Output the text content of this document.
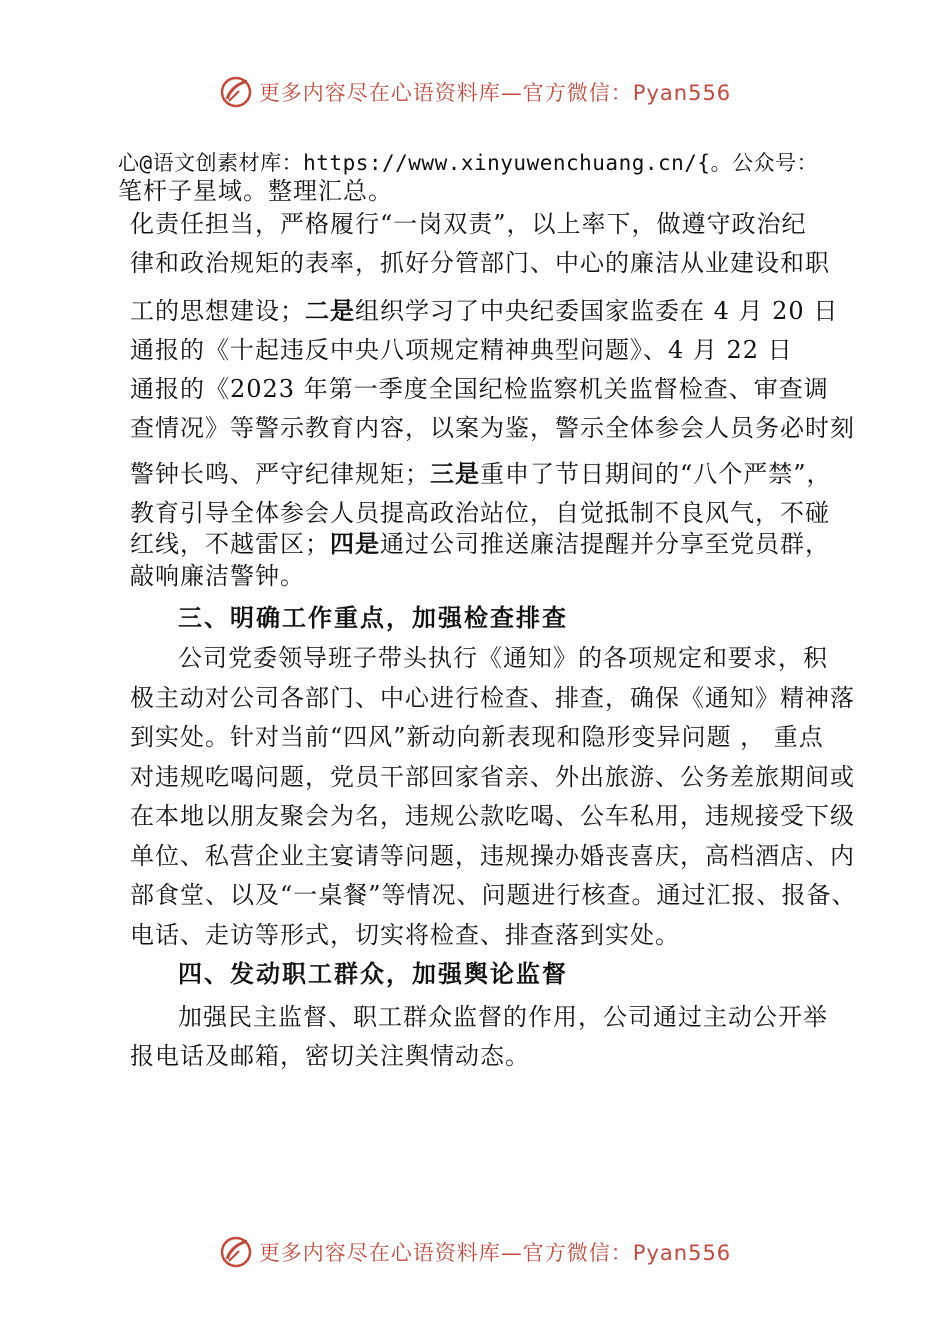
更多内容尽在心语资料库—官方微信：Pyan556
心@语文创素材库：https://www.xinyuwenchuang.cn/{。公众号：
笔杆子星域。整理汇总。
化责任担当，严格履行“一岗双责”，以上率下，做遵守政治纪
律和政治规矩的表率，抓好分管部门、中心的廉洁从业建设和职
工的思想建设；二是组织学习了中央纪委国家监委在 4 月 20 日
通报的《十起违反中央八项规定精神典型问题》、4 月 22 日
通报的《2023 年第一季度全国纪检监察机关监督检查、审查调
查情况》等警示教育内容，以案为鉴，警示全体参会人员务必时刻
警钟长鸣、严守纪律规矩；三是重申了节日期间的“八个严禁”，
教育引导全体参会人员提高政治站位，自觉抵制不良风气，不碰
红线，不越雷区；四是通过公司推送廉洁提醒并分享至党员群，
敲响廉洁警钟。
三、明确工作重点，加强检查排查
公司党委领导班子带头执行《通知》的各项规定和要求，积
极主动对公司各部门、中心进行检查、排查，确保《通知》精神落
到实处。针对当前“四风”新动向新表现和隐形变异问题 ， 重点
对违规吃喝问题，党员干部回家省亲、外出旅游、公务差旅期间或
在本地以朋友聚会为名，违规公款吃喝、公车私用，违规接受下级
单位、私营企业主宴请等问题，违规操办婚丧喜庆，高档酒店、内
部食堂、以及“一桌餐”等情况、问题进行核查。通过汇报、报备、
电话、走访等形式，切实将检查、排查落到实处。
四、发动职工群众，加强舆论监督
加强民主监督、职工群众监督的作用，公司通过主动公开举
报电话及邮箱，密切关注舆情动态。
更多内容尽在心语资料库—官方微信：Pyan556
